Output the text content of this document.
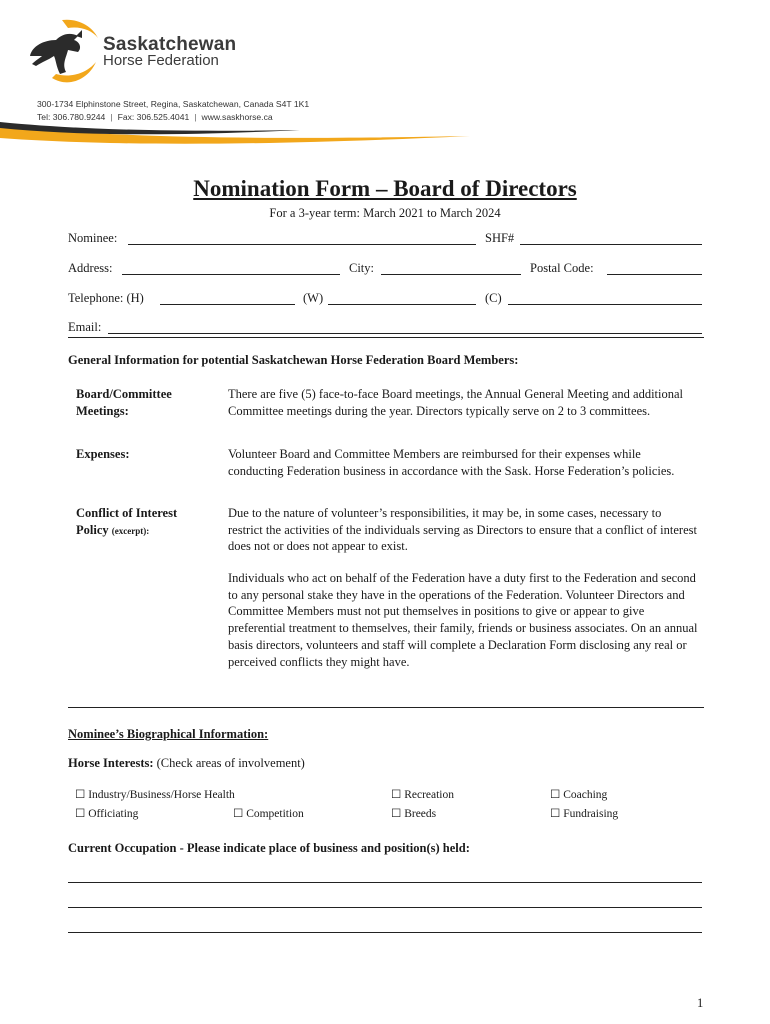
Saskatchewan
Horse Federation
300-1734 Elphinstone Street, Regina, Saskatchewan, Canada S4T 1K1
Tel: 306.780.9244 | Fax: 306.525.4041 | www.saskhorse.ca
Nomination Form – Board of Directors
For a 3-year term: March 2021 to March 2024
Nominee:	SHF#
Address:	City:	Postal Code:
Telephone: (H)	(W)	(C)
Email:
General Information for potential Saskatchewan Horse Federation Board Members:
Board/Committee
Meetings:
There are five (5) face-to-face Board meetings, the Annual General Meeting and additional Committee meetings during the year. Directors typically serve on 2 to 3 committees.
Expenses:	Volunteer Board and Committee Members are reimbursed for their expenses while conducting Federation business in accordance with the Sask. Horse Federation’s policies.
Conflict of Interest
Policy (excerpt):
Due to the nature of volunteer’s responsibilities, it may be, in some cases, necessary to restrict the activities of the individuals serving as Directors to ensure that a conflict of interest does not or does not appear to exist.
Individuals who act on behalf of the Federation have a duty first to the Federation and second to any personal stake they have in the operations of the Federation. Volunteer Directors and Committee Members must not put themselves in positions to give or appear to give preferential treatment to themselves, their family, friends or business associates. On an annual basis directors, volunteers and staff will complete a Declaration Form disclosing any real or perceived conflicts they might have.
Nominee’s Biographical Information:
Horse Interests: (Check areas of involvement)
☐ Industry/Business/Horse Health	☐ Recreation	☐ Coaching
☐ Officiating	☐ Competition	☐ Breeds	☐ Fundraising
Current Occupation - Please indicate place of business and position(s) held:
1
